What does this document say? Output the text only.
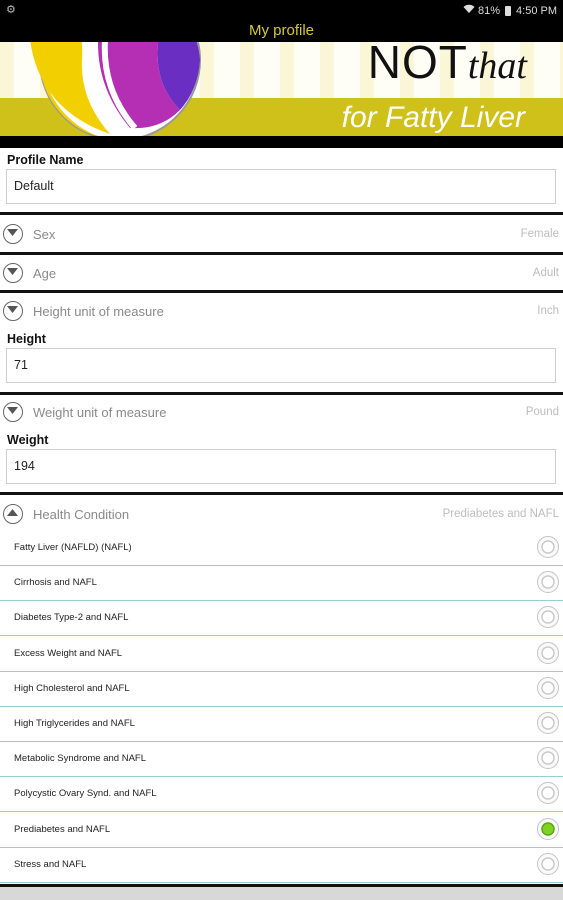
⚙	81% 4:50 PM
My profile
NOTthat
for Fatty Liver
Profile Name
Default
Sex	Female
Age	Adult
Height unit of measure	Inch
Height
71
Weight unit of measure	Pound
Weight
194
Health Condition	Prediabetes and NAFL
Fatty Liver (NAFLD) (NAFL)
Cirrhosis and NAFL
Diabetes Type-2 and NAFL
Excess Weight and NAFL
High Cholesterol and NAFL
High Triglycerides and NAFL
Metabolic Syndrome and NAFL
Polycystic Ovary Synd. and NAFL
Prediabetes and NAFL
Stress and NAFL
